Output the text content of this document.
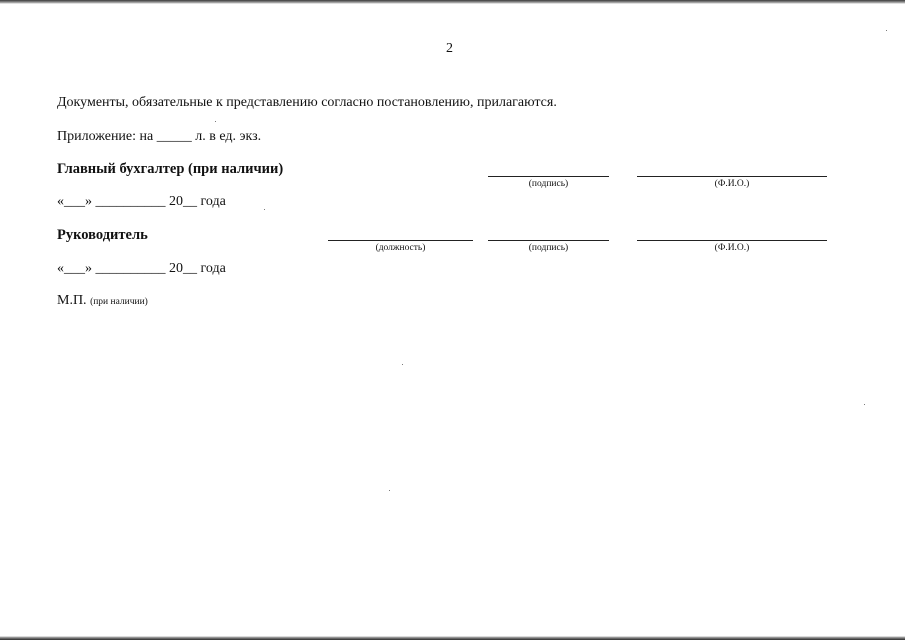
2
Документы, обязательные к представлению согласно постановлению, прилагаются.
Приложение: на _____ л. в ед. экз.
Главный бухгалтер (при наличии)
(подпись)	(Ф.И.О.)
«___» __________ 20__ года
Руководитель
(должность)	(подпись)	(Ф.И.О.)
«___» __________ 20__ года
М.П. (при наличии)
